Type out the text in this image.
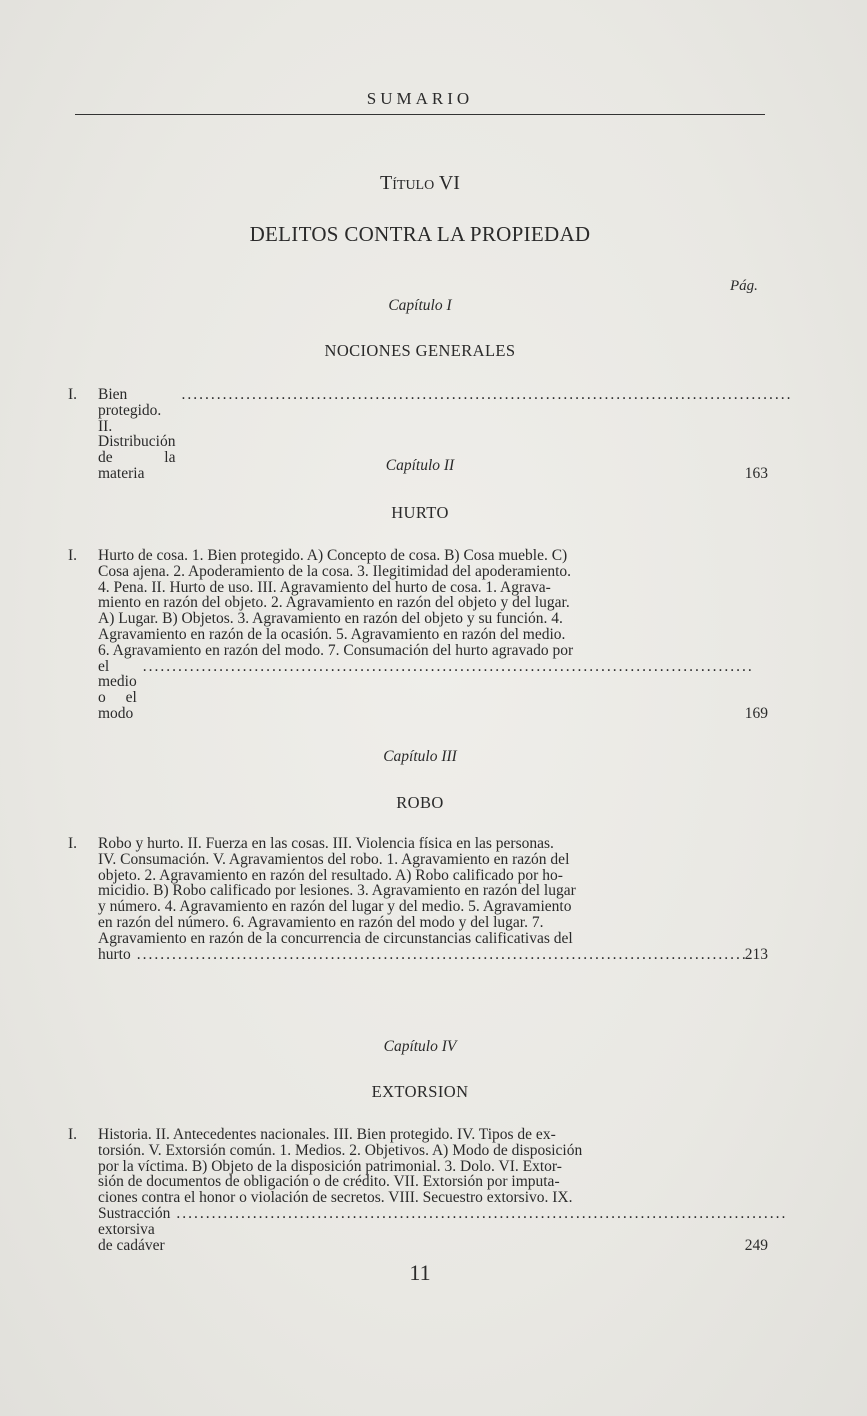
SUMARIO
Título VI
DELITOS CONTRA LA PROPIEDAD
Pág.
Capítulo I
NOCIONES GENERALES
I. Bien protegido. II. Distribución de la materia
........................................................................................................
163
Capítulo II
HURTO
I. Hurto de cosa. 1. Bien protegido. A) Concepto de cosa. B) Cosa mueble. C)
Cosa ajena. 2. Apoderamiento de la cosa. 3. Ilegitimidad del apoderamiento.
4. Pena. II. Hurto de uso. III. Agravamiento del hurto de cosa. 1. Agrava-
miento en razón del objeto. 2. Agravamiento en razón del objeto y del lugar.
A) Lugar. B) Objetos. 3. Agravamiento en razón del objeto y su función. 4.
Agravamiento en razón de la ocasión. 5. Agravamiento en razón del medio.
6. Agravamiento en razón del modo. 7. Consumación del hurto agravado por
el medio o el modo
........................................................................................................
169
Capítulo III
ROBO
I. Robo y hurto. II. Fuerza en las cosas. III. Violencia física en las personas.
IV. Consumación. V. Agravamientos del robo. 1. Agravamiento en razón del
objeto. 2. Agravamiento en razón del resultado. A) Robo calificado por ho-
micidio. B) Robo calificado por lesiones. 3. Agravamiento en razón del lugar
y número. 4. Agravamiento en razón del lugar y del medio. 5. Agravamiento
en razón del número. 6. Agravamiento en razón del modo y del lugar. 7.
Agravamiento en razón de la concurrencia de circunstancias calificativas del
hurto ........................................................................................................
213
Capítulo IV
EXTORSION
I. Historia. II. Antecedentes nacionales. III. Bien protegido. IV. Tipos de ex-
torsión. V. Extorsión común. 1. Medios. 2. Objetivos. A) Modo de disposición
por la víctima. B) Objeto de la disposición patrimonial. 3. Dolo. VI. Extor-
sión de documentos de obligación o de crédito. VII. Extorsión por imputa-
ciones contra el honor o violación de secretos. VIII. Secuestro extorsivo. IX.
Sustracción extorsiva de cadáver
........................................................................................................
249
11
